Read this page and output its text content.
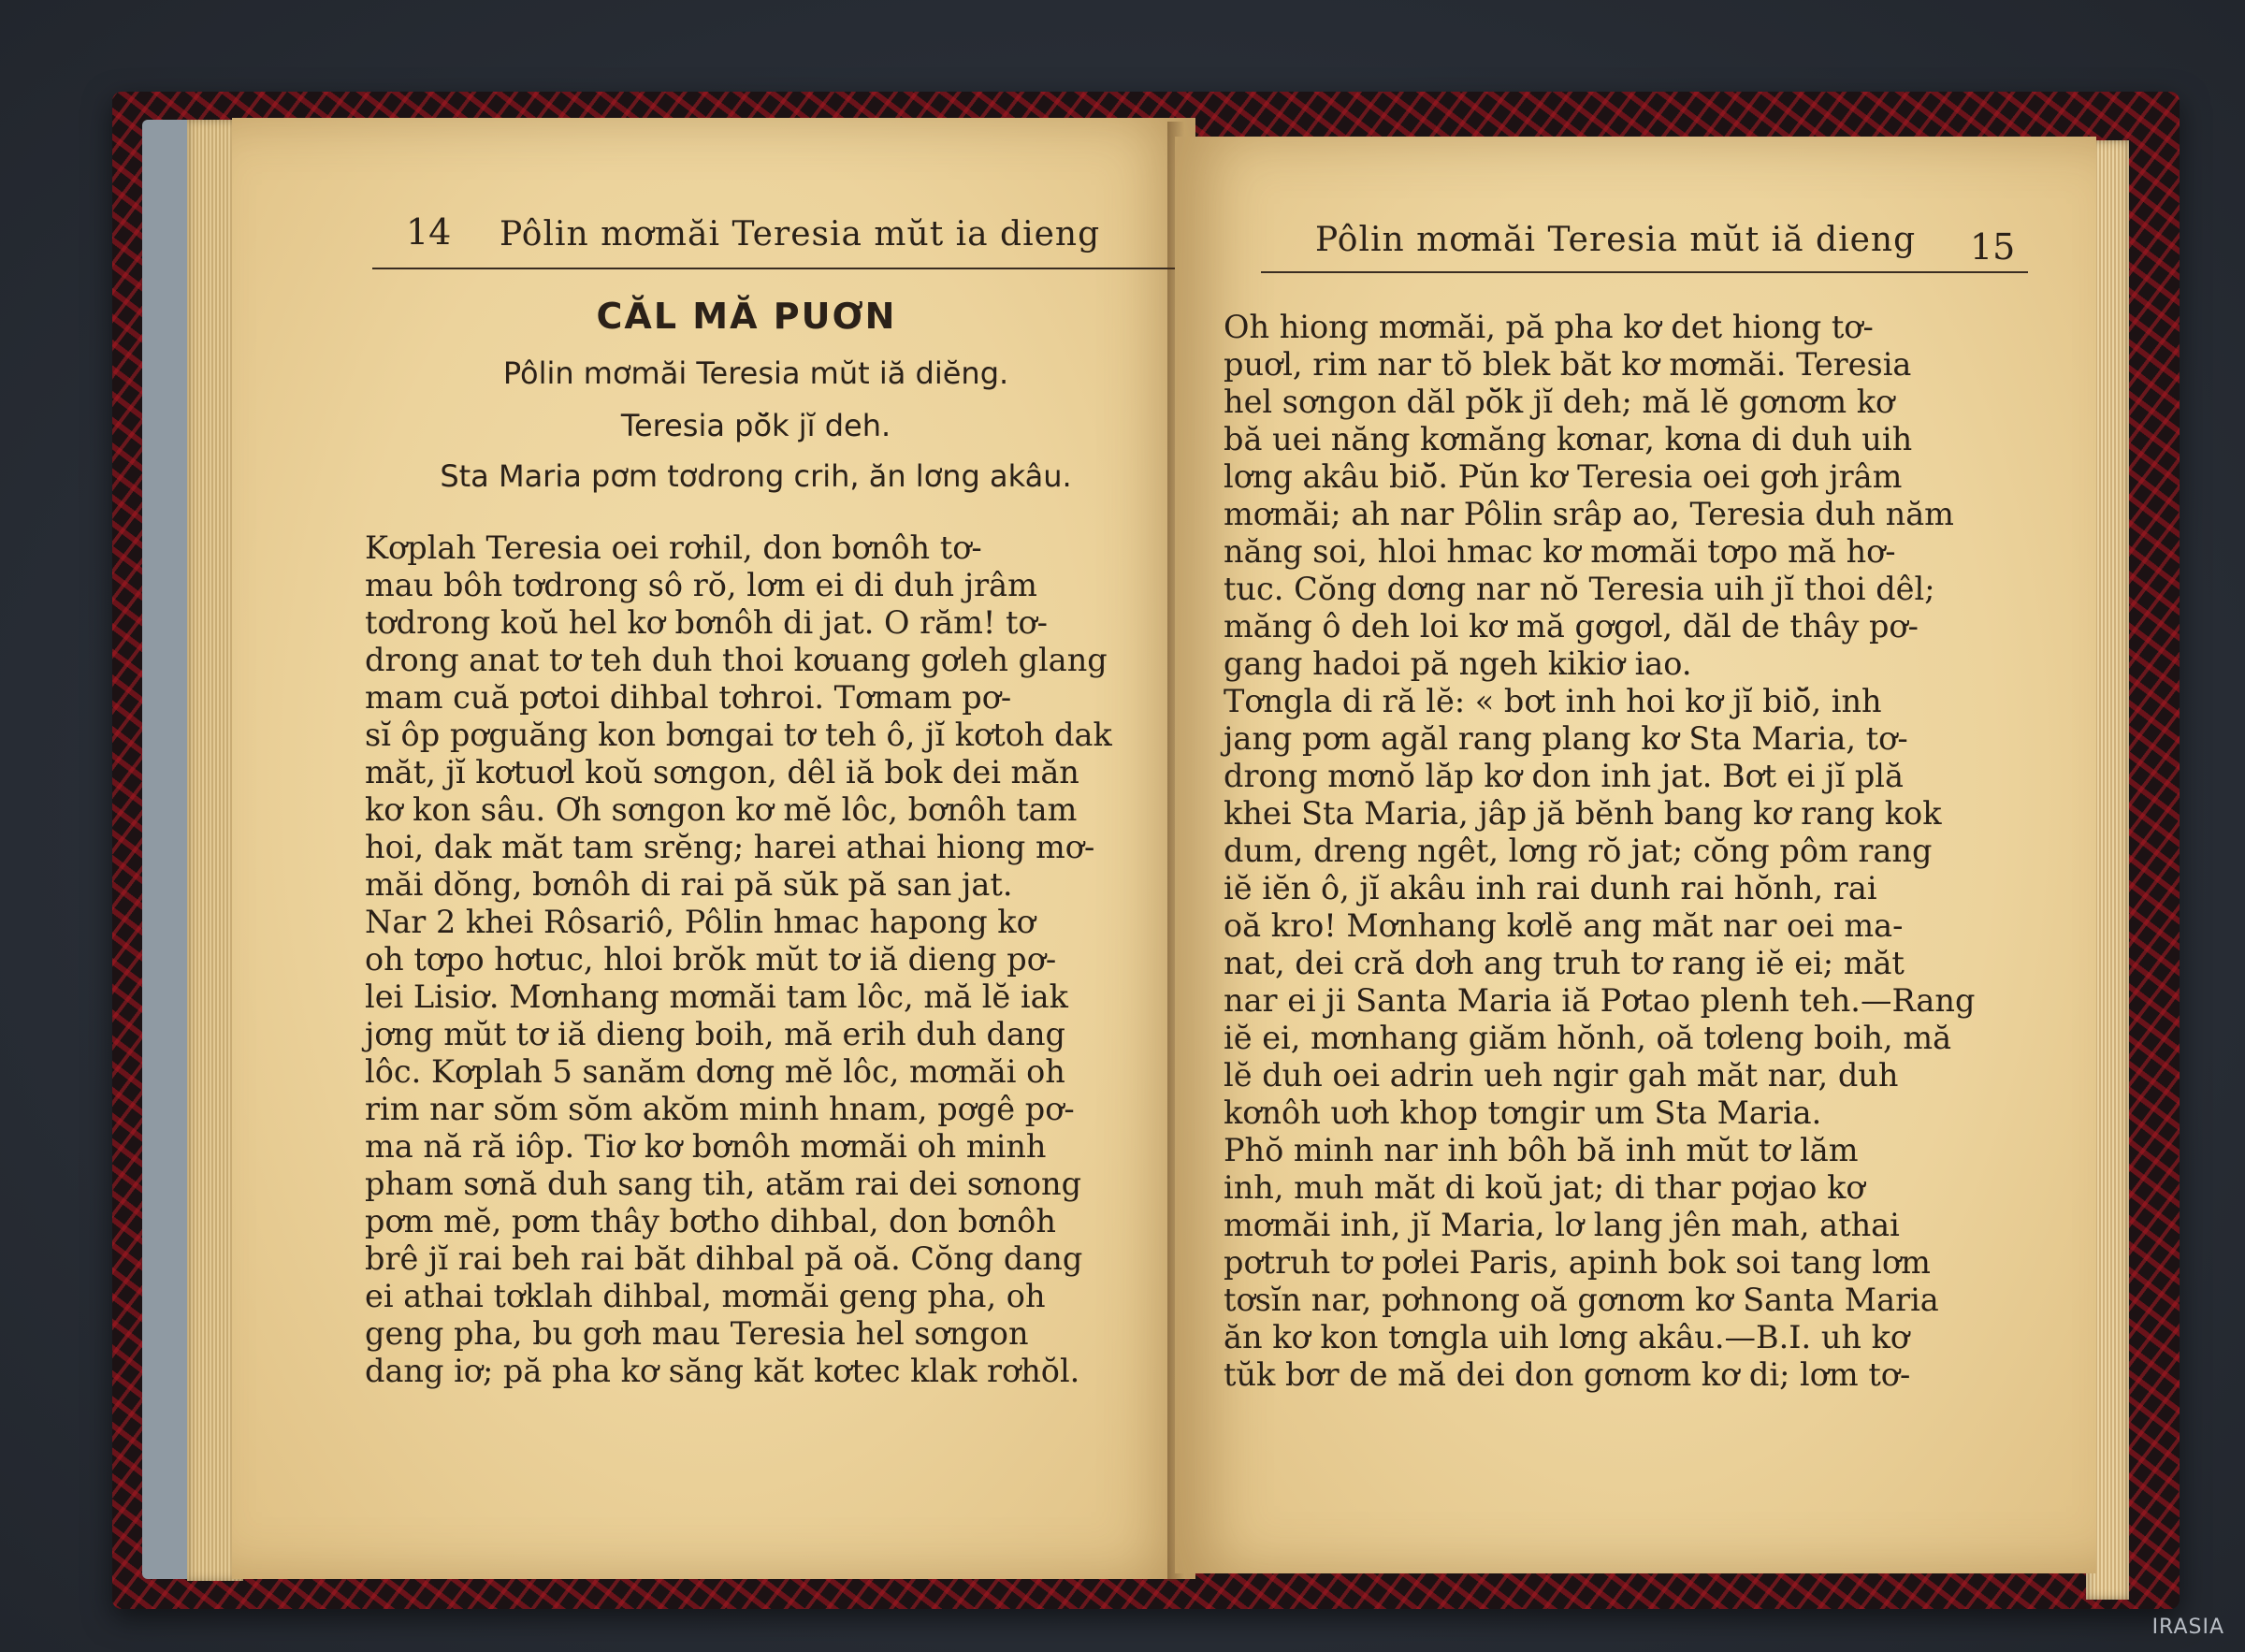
14 Pôlin mơmăi Teresia mŭt ia dieng
CĂL MĂ PUƠN
Pôlin mơmăi Teresia mŭt iă diĕng.
Teresia pŏ̆k jĭ deh.
Sta Maria pơm tơdrong crih, ăn lơng akâu.
Kơplah Teresia oei rơhil, don bơnôh tơ-
mau bôh tơdrong sô rŏ, lơm ei di duh jrâm
tơdrong koŭ hel kơ bơnôh di jat. O răm! tơ-
drong anat tơ teh duh thoi kơuang gơleh glang
mam cuă pơtoi dihbal tơhroi. Tơmam pơ-
sĭ ôp pơguăng kon bơngai tơ teh ô, jĭ kơtoh dak
măt, jĭ kơtuơl koŭ sơngon, dêl iă bok dei măn
kơ kon sâu. Ơh sơngon kơ mĕ lôc, bơnôh tam
hoi, dak măt tam srĕng; harei athai hiong mơ-
măi dŏng, bơnôh di rai pă sŭk pă san jat.
Nar 2 khei Rôsariô, Pôlin hmac hapong kơ
oh tơpo hơtuc, hloi brŏk mŭt tơ iă dieng pơ-
lei Lisiơ. Mơnhang mơmăi tam lôc, mă lĕ iak
jơng mŭt tơ iă dieng boih, mă erih duh dang
lôc. Kơplah 5 sanăm dơng mĕ lôc, mơmăi oh
rim nar sŏm sŏm akŏm minh hnam, pơgê pơ-
ma nă ră iôp. Tiơ kơ bơnôh mơmăi oh minh
pham sơnă duh sang tih, atăm rai dei sơnong
pơm mĕ, pơm thây bơtho dihbal, don bơnôh
brê jĭ rai beh rai băt dihbal pă oă. Cŏng dang
ei athai tơklah dihbal, mơmăi geng pha, oh
geng pha, bu gơh mau Teresia hel sơngon
dang iơ; pă pha kơ săng kăt kơtec klak rơhŏl.
Pôlin mơmăi Teresia mŭt iă dieng 15
Oh hiong mơmăi, pă pha kơ det hiong tơ-
puơl, rim nar tŏ blek băt kơ mơmăi. Teresia
hel sơngon dăl pŏ̆k jĭ deh; mă lĕ gơnơm kơ
bă uei năng kơmăng kơnar, kơna di duh uih
lơng akâu biŏ̆. Pŭn kơ Teresia oei gơh jrâm
mơmăi; ah nar Pôlin srâp ao, Teresia duh năm
năng soi, hloi hmac kơ mơmăi tơpo mă hơ-
tuc. Cŏng dơng nar nŏ Teresia uih jĭ thoi dêl;
măng ô deh loi kơ mă gơgơl, dăl de thây pơ-
gang hadoi pă ngeh kikiơ iao.
Tơngla di ră lĕ: « bơt inh hoi kơ jĭ biŏ̆, inh
jang pơm agăl rang plang kơ Sta Maria, tơ-
drong mơnŏ lăp kơ don inh jat. Bơt ei jĭ plă
khei Sta Maria, jâp jă bĕnh bang kơ rang kok
dum, dreng ngêt, lơng rŏ jat; cŏng pôm rang
iĕ iĕn ô, jĭ akâu inh rai dunh rai hŏnh, rai
oă kro! Mơnhang kơlĕ ang măt nar oei ma-
nat, dei cră dơh ang truh tơ rang iĕ ei; măt
nar ei ji Santa Maria iă Pơtao plenh teh.—Rang
iĕ ei, mơnhang giăm hŏnh, oă tơleng boih, mă
lĕ duh oei adrin ueh ngir gah măt nar, duh
kơnôh uơh khop tơngir um Sta Maria.
Phŏ minh nar inh bôh bă inh mŭt tơ lăm
inh, muh măt di koŭ jat; di thar pơjao kơ
mơmăi inh, jĭ Maria, lơ lang jên mah, athai
pơtruh tơ pơlei Paris, apinh bok soi tang lơm
tơsĭn nar, pơhnong oă gơnơm kơ Santa Maria
ăn kơ kon tơngla uih lơng akâu.—B.I. uh kơ
tŭk bơr de mă dei don gơnơm kơ di; lơm tơ-
IRASIA
